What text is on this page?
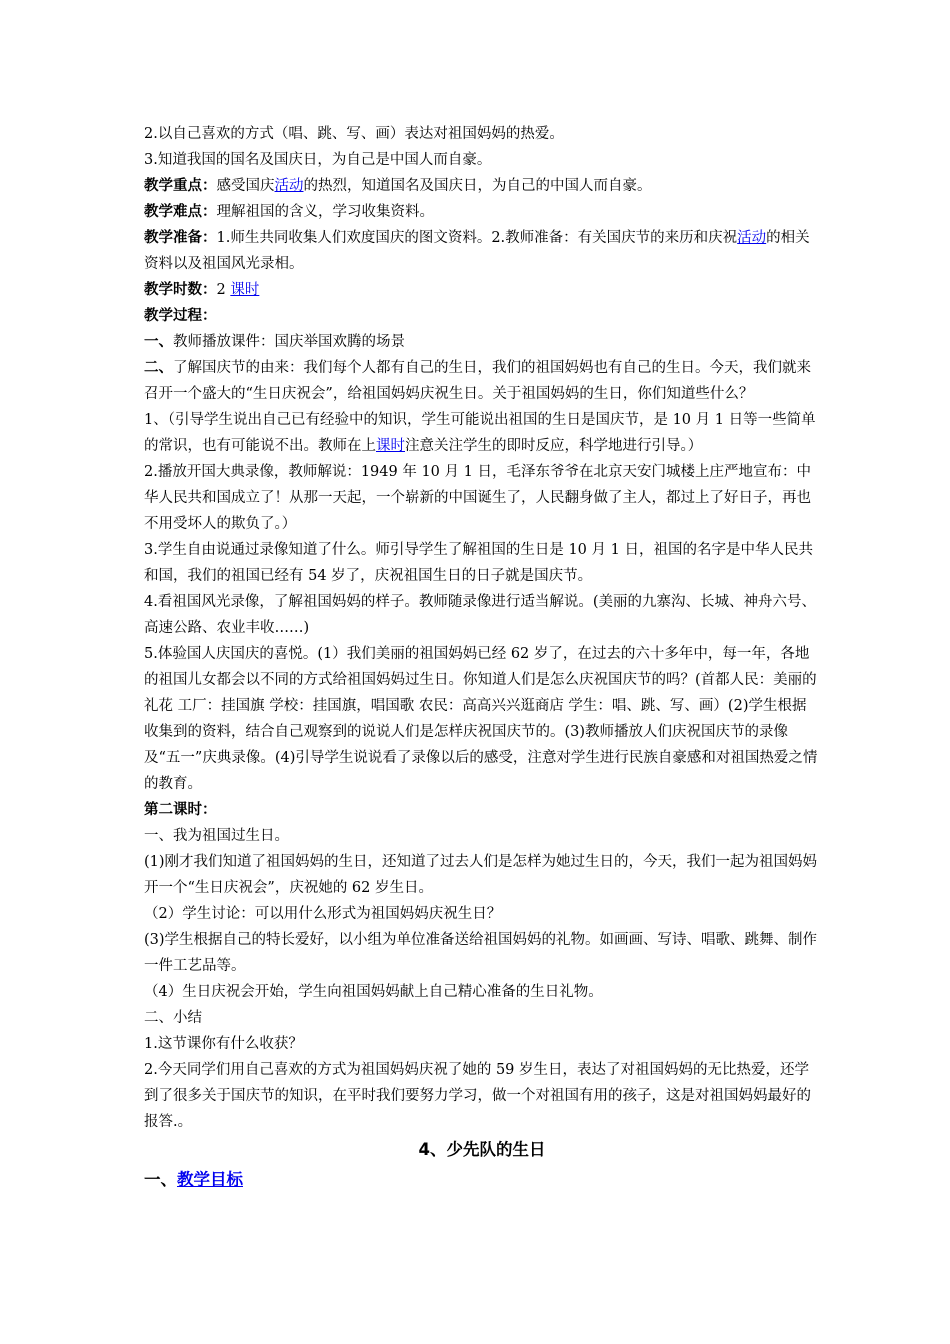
2.以自己喜欢的方式（唱、跳、写、画）表达对祖国妈妈的热爱。

3.知道我国的国名及国庆日，为自己是中国人而自豪。

教学重点：感受国庆活动的热烈，知道国名及国庆日，为自己的中国人而自豪。

教学难点：理解祖国的含义，学习收集资料。

教学准备：1.师生共同收集人们欢度国庆的图文资料。2.教师准备：有关国庆节的来历和庆祝活动的相关资料以及祖国风光录相。

教学时数：2 课时

教学过程：

一、教师播放课件：国庆举国欢腾的场景

二、了解国庆节的由来：我们每个人都有自己的生日，我们的祖国妈妈也有自己的生日。今天，我们就来召开一个盛大的“生日庆祝会”，给祖国妈妈庆祝生日。关于祖国妈妈的生日，你们知道些什么？

1、（引导学生说出自己已有经验中的知识，学生可能说出祖国的生日是国庆节，是 10 月 1 日等一些简单的常识，也有可能说不出。教师在上课时注意关注学生的即时反应，科学地进行引导。）

2.播放开国大典录像，教师解说：1949 年 10 月 1 日，毛泽东爷爷在北京天安门城楼上庄严地宣布：中华人民共和国成立了！从那一天起，一个崭新的中国诞生了，人民翻身做了主人，都过上了好日子，再也不用受坏人的欺负了。）

3.学生自由说通过录像知道了什么。师引导学生了解祖国的生日是 10 月 1 日，祖国的名字是中华人民共和国，我们的祖国已经有 54 岁了，庆祝祖国生日的日子就是国庆节。

4.看祖国风光录像，了解祖国妈妈的样子。教师随录像进行适当解说。(美丽的九寨沟、长城、神舟六号、高速公路、农业丰收……)

5.体验国人庆国庆的喜悦。(1）我们美丽的祖国妈妈已经 62 岁了，在过去的六十多年中，每一年，各地的祖国儿女都会以不同的方式给祖国妈妈过生日。你知道人们是怎么庆祝国庆节的吗？(首都人民：美丽的礼花 工厂：挂国旗 学校：挂国旗，唱国歌 农民：高高兴兴逛商店 学生：唱、跳、写、画）(2)学生根据收集到的资料，结合自己观察到的说说人们是怎样庆祝国庆节的。(3)教师播放人们庆祝国庆节的录像及“五一”庆典录像。(4)引导学生说说看了录像以后的感受，注意对学生进行民族自豪感和对祖国热爱之情的教育。

第二课时：

一、我为祖国过生日。

(1)刚才我们知道了祖国妈妈的生日，还知道了过去人们是怎样为她过生日的，今天，我们一起为祖国妈妈开一个“生日庆祝会”，庆祝她的 62 岁生日。

（2）学生讨论：可以用什么形式为祖国妈妈庆祝生日？

(3)学生根据自己的特长爱好，以小组为单位准备送给祖国妈妈的礼物。如画画、写诗、唱歌、跳舞、制作一件工艺品等。

（4）生日庆祝会开始，学生向祖国妈妈献上自己精心准备的生日礼物。

二、小结

1.这节课你有什么收获？

2.今天同学们用自己喜欢的方式为祖国妈妈庆祝了她的 59 岁生日，表达了对祖国妈妈的无比热爱，还学到了很多关于国庆节的知识，在平时我们要努力学习，做一个对祖国有用的孩子，这是对祖国妈妈最好的报答.。

4、少先队的生日

一、教学目标
